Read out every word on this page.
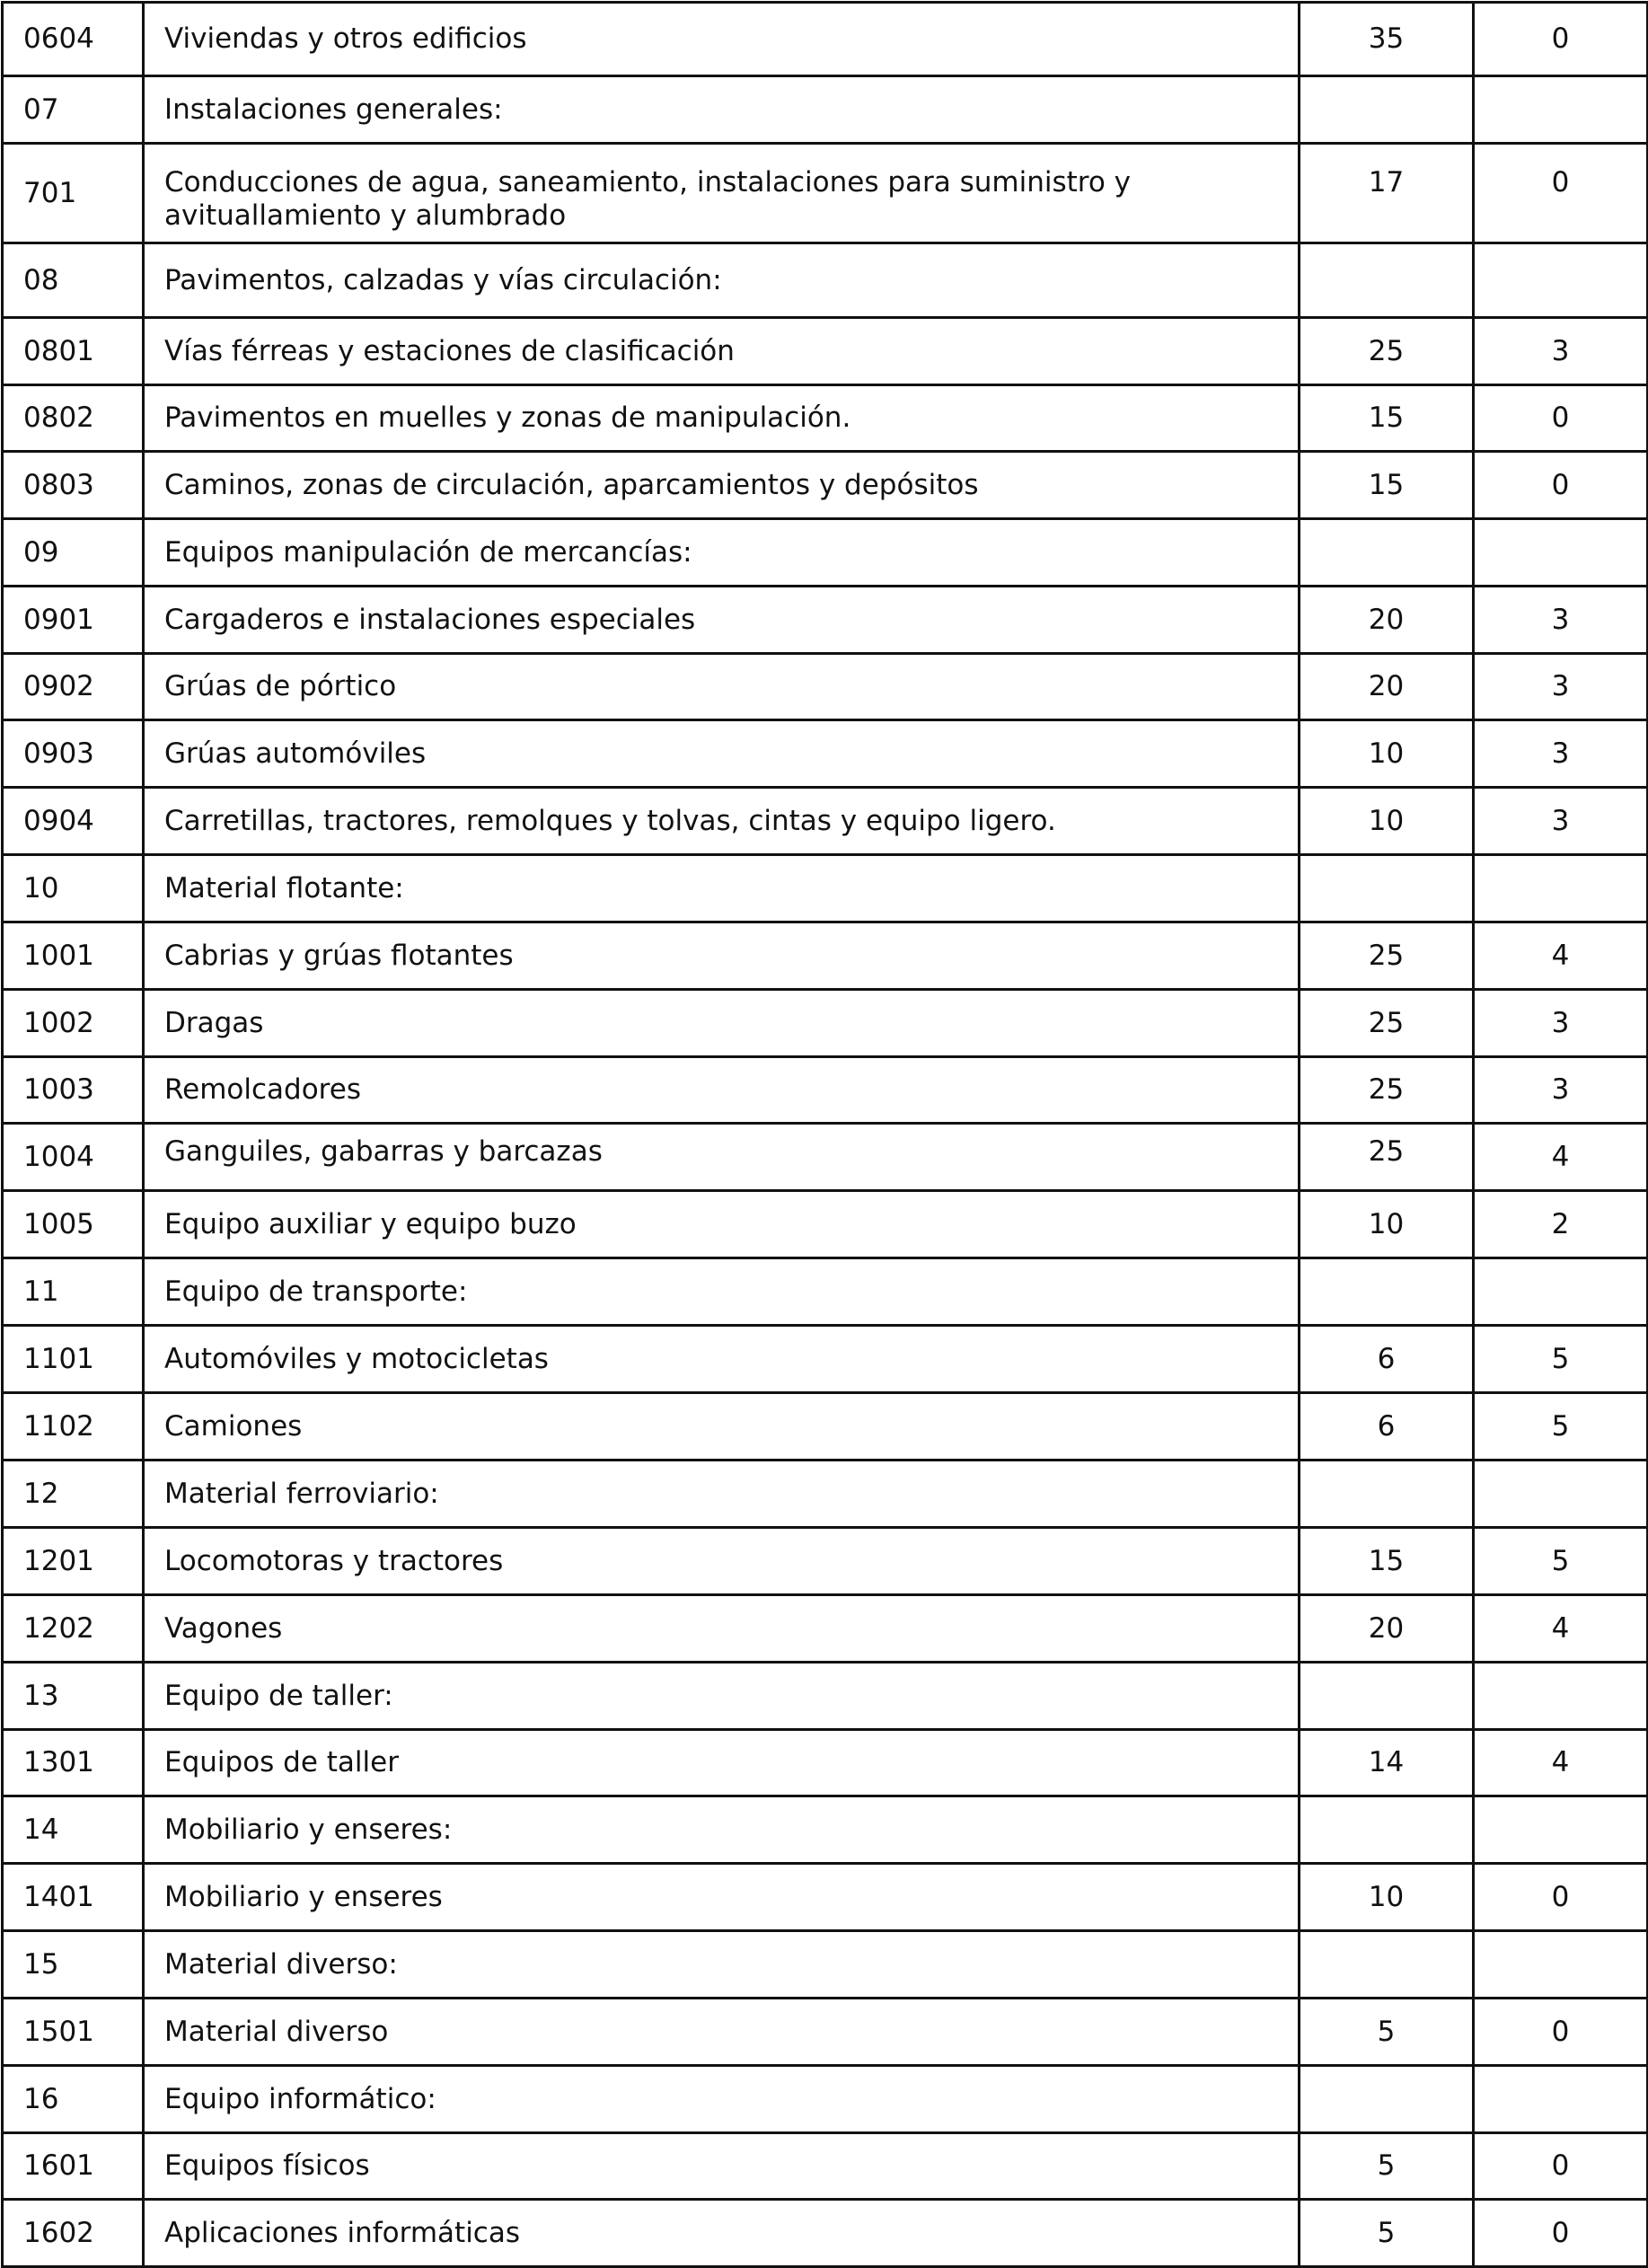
0604	Viviendas y otros edificios	35	0
07	Instalaciones generales:		
701	Conducciones de agua, saneamiento, instalaciones para suministro y avituallamiento y alumbrado	17	0
08	Pavimentos, calzadas y vías circulación:		
0801	Vías férreas y estaciones de clasificación	25	3
0802	Pavimentos en muelles y zonas de manipulación.	15	0
0803	Caminos, zonas de circulación, aparcamientos y depósitos	15	0
09	Equipos manipulación de mercancías:		
0901	Cargaderos e instalaciones especiales	20	3
0902	Grúas de pórtico	20	3
0903	Grúas automóviles	10	3
0904	Carretillas, tractores, remolques y tolvas, cintas y equipo ligero.	10	3
10	Material flotante:		
1001	Cabrias y grúas flotantes	25	4
1002	Dragas	25	3
1003	Remolcadores	25	3
1004	Ganguiles, gabarras y barcazas	25	4
1005	Equipo auxiliar y equipo buzo	10	2
11	Equipo de transporte:		
1101	Automóviles y motocicletas	6	5
1102	Camiones	6	5
12	Material ferroviario:		
1201	Locomotoras y tractores	15	5
1202	Vagones	20	4
13	Equipo de taller:		
1301	Equipos de taller	14	4
14	Mobiliario y enseres:		
1401	Mobiliario y enseres	10	0
15	Material diverso:		
1501	Material diverso	5	0
16	Equipo informático:		
1601	Equipos físicos	5	0
1602	Aplicaciones informáticas	5	0
